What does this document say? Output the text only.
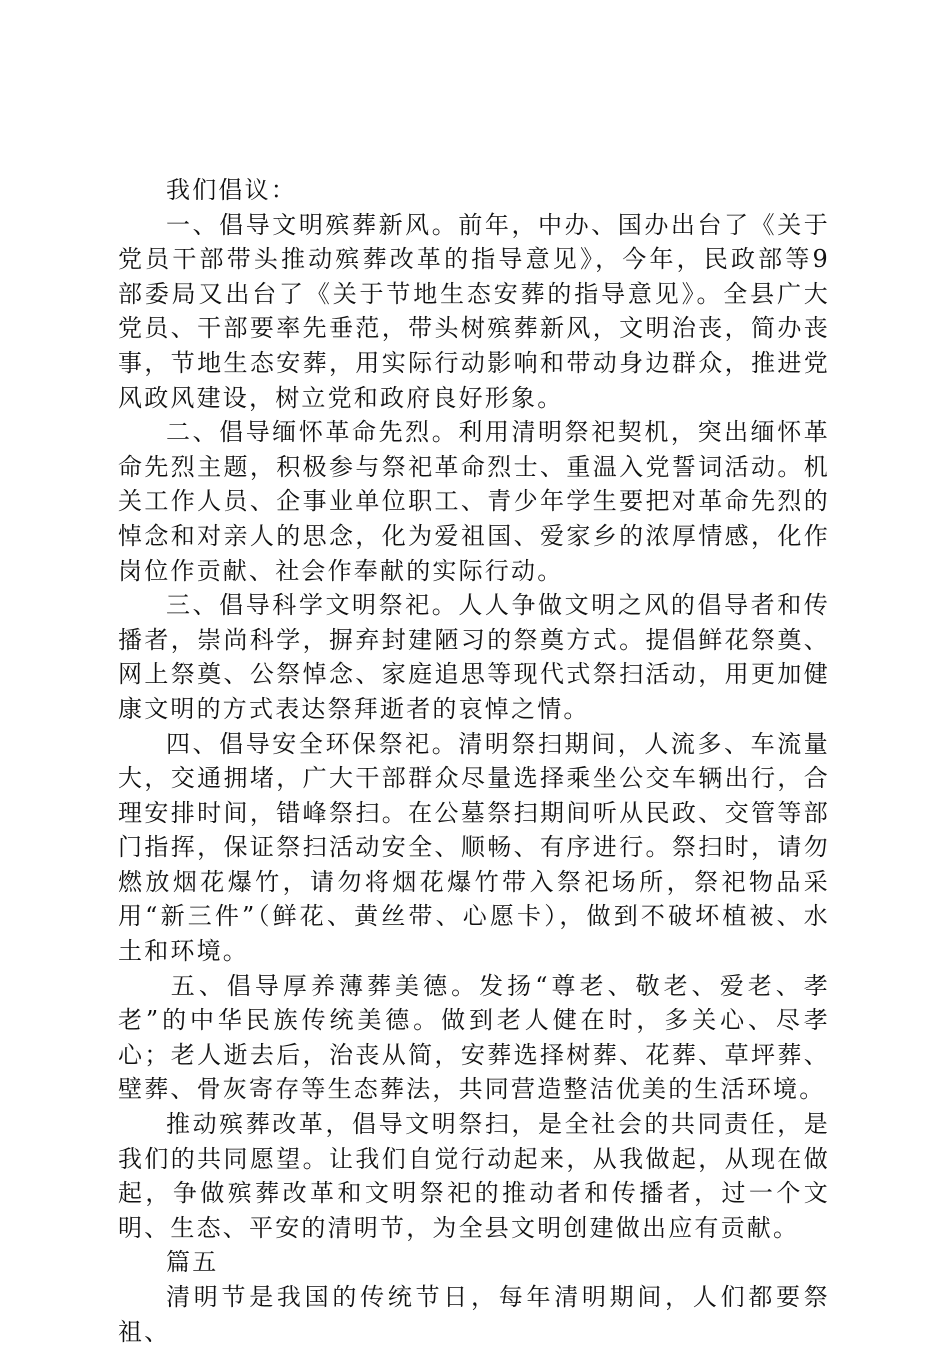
我们倡议：

一、倡导文明殡葬新风。前年，中办、国办出台了《关于党员干部带头推动殡葬改革的指导意见》，今年，民政部等9部委局又出台了《关于节地生态安葬的指导意见》。全县广大党员、干部要率先垂范，带头树殡葬新风，文明治丧，简办丧事，节地生态安葬，用实际行动影响和带动身边群众，推进党风政风建设，树立党和政府良好形象。

二、倡导缅怀革命先烈。利用清明祭祀契机，突出缅怀革命先烈主题，积极参与祭祀革命烈士、重温入党誓词活动。机关工作人员、企事业单位职工、青少年学生要把对革命先烈的悼念和对亲人的思念，化为爱祖国、爱家乡的浓厚情感，化作岗位作贡献、社会作奉献的实际行动。

三、倡导科学文明祭祀。人人争做文明之风的倡导者和传播者，崇尚科学，摒弃封建陋习的祭奠方式。提倡鲜花祭奠、网上祭奠、公祭悼念、家庭追思等现代式祭扫活动，用更加健康文明的方式表达祭拜逝者的哀悼之情。

四、倡导安全环保祭祀。清明祭扫期间，人流多、车流量大，交通拥堵，广大干部群众尽量选择乘坐公交车辆出行，合理安排时间，错峰祭扫。在公墓祭扫期间听从民政、交管等部门指挥，保证祭扫活动安全、顺畅、有序进行。祭扫时，请勿燃放烟花爆竹，请勿将烟花爆竹带入祭祀场所，祭祀物品采用“新三件”（鲜花、黄丝带、心愿卡），做到不破坏植被、水土和环境。

五、倡导厚养薄葬美德。发扬“尊老、敬老、爱老、孝老”的中华民族传统美德。做到老人健在时，多关心、尽孝心；老人逝去后，治丧从简，安葬选择树葬、花葬、草坪葬、壁葬、骨灰寄存等生态葬法，共同营造整洁优美的生活环境。

推动殡葬改革，倡导文明祭扫，是全社会的共同责任，是我们的共同愿望。让我们自觉行动起来，从我做起，从现在做起，争做殡葬改革和文明祭祀的推动者和传播者，过一个文明、生态、平安的清明节，为全县文明创建做出应有贡献。

篇五

清明节是我国的传统节日，每年清明期间，人们都要祭祖、
